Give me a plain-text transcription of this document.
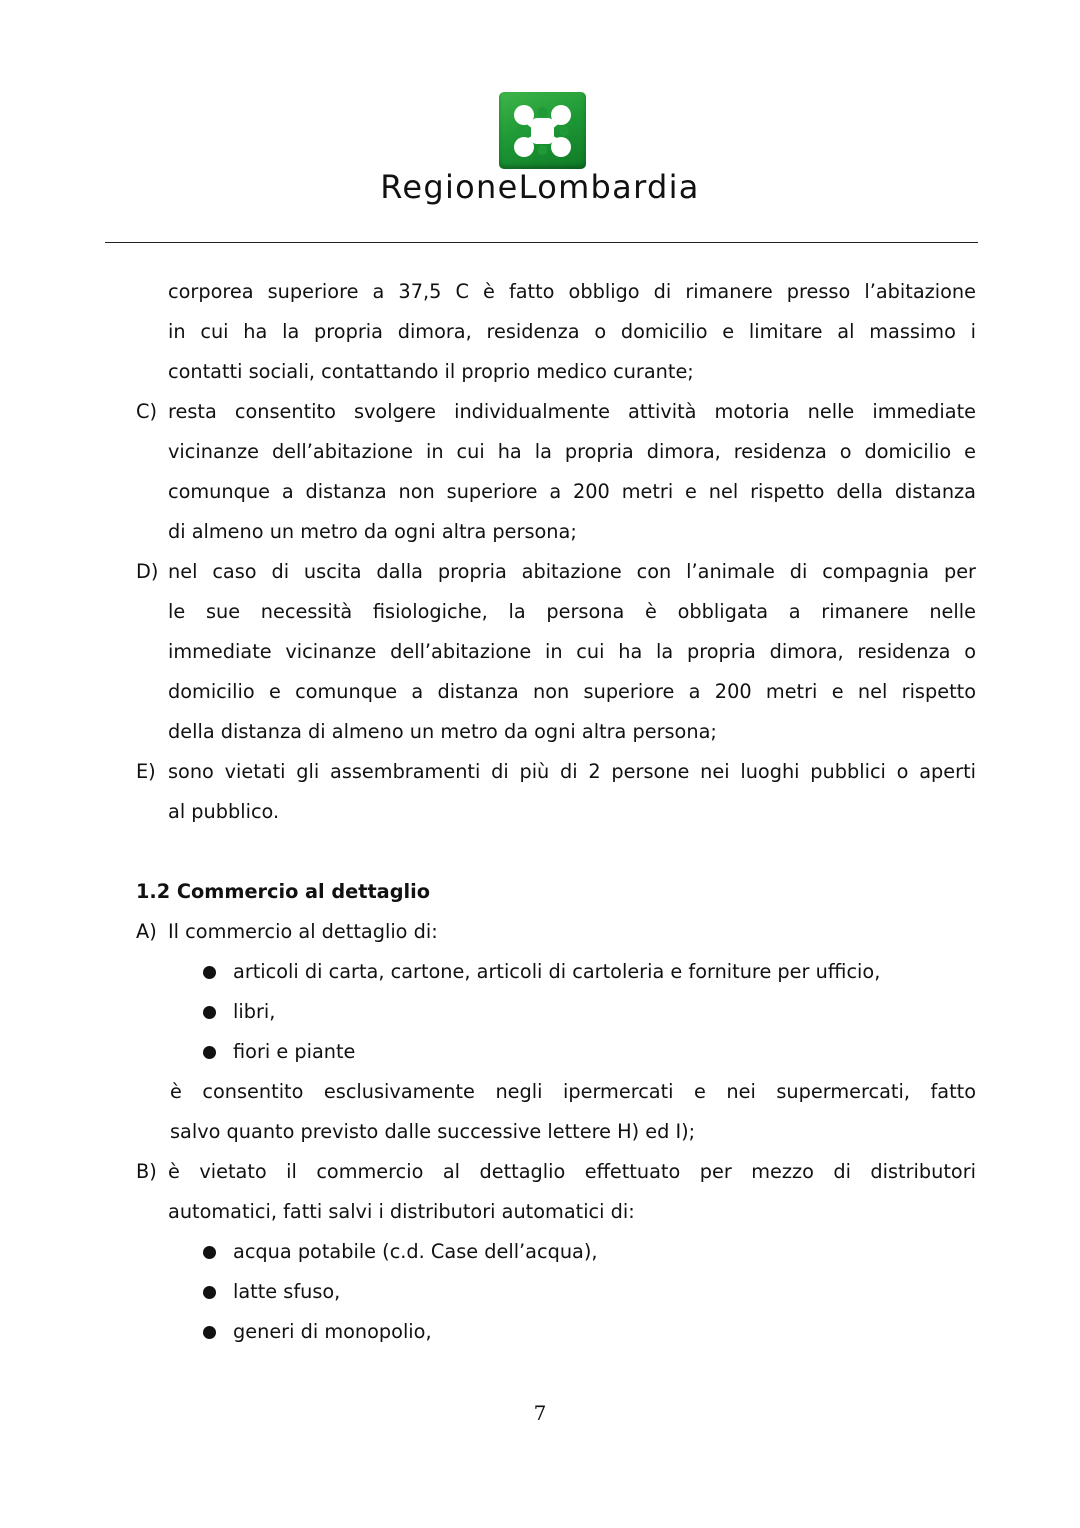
RegioneLombardia
corporea superiore a 37,5 C è fatto obbligo di rimanere presso l’abitazione
in cui ha la propria dimora, residenza o domicilio e limitare al massimo i
contatti sociali, contattando il proprio medico curante;
C) resta consentito svolgere individualmente attività motoria nelle immediate
vicinanze dell’abitazione in cui ha la propria dimora, residenza o domicilio e
comunque a distanza non superiore a 200 metri e nel rispetto della distanza
di almeno un metro da ogni altra persona;
D) nel caso di uscita dalla propria abitazione con l’animale di compagnia per
le sue necessità fisiologiche, la persona è obbligata a rimanere nelle
immediate vicinanze dell’abitazione in cui ha la propria dimora, residenza o
domicilio e comunque a distanza non superiore a 200 metri e nel rispetto
della distanza di almeno un metro da ogni altra persona;
E) sono vietati gli assembramenti di più di 2 persone nei luoghi pubblici o aperti
al pubblico.
1.2 Commercio al dettaglio
A) Il commercio al dettaglio di:
articoli di carta, cartone, articoli di cartoleria e forniture per ufficio,
libri,
fiori e piante
è consentito esclusivamente negli ipermercati e nei supermercati, fatto
salvo quanto previsto dalle successive lettere H) ed I);
B) è vietato il commercio al dettaglio effettuato per mezzo di distributori
automatici, fatti salvi i distributori automatici di:
acqua potabile (c.d. Case dell’acqua),
latte sfuso,
generi di monopolio,
7
